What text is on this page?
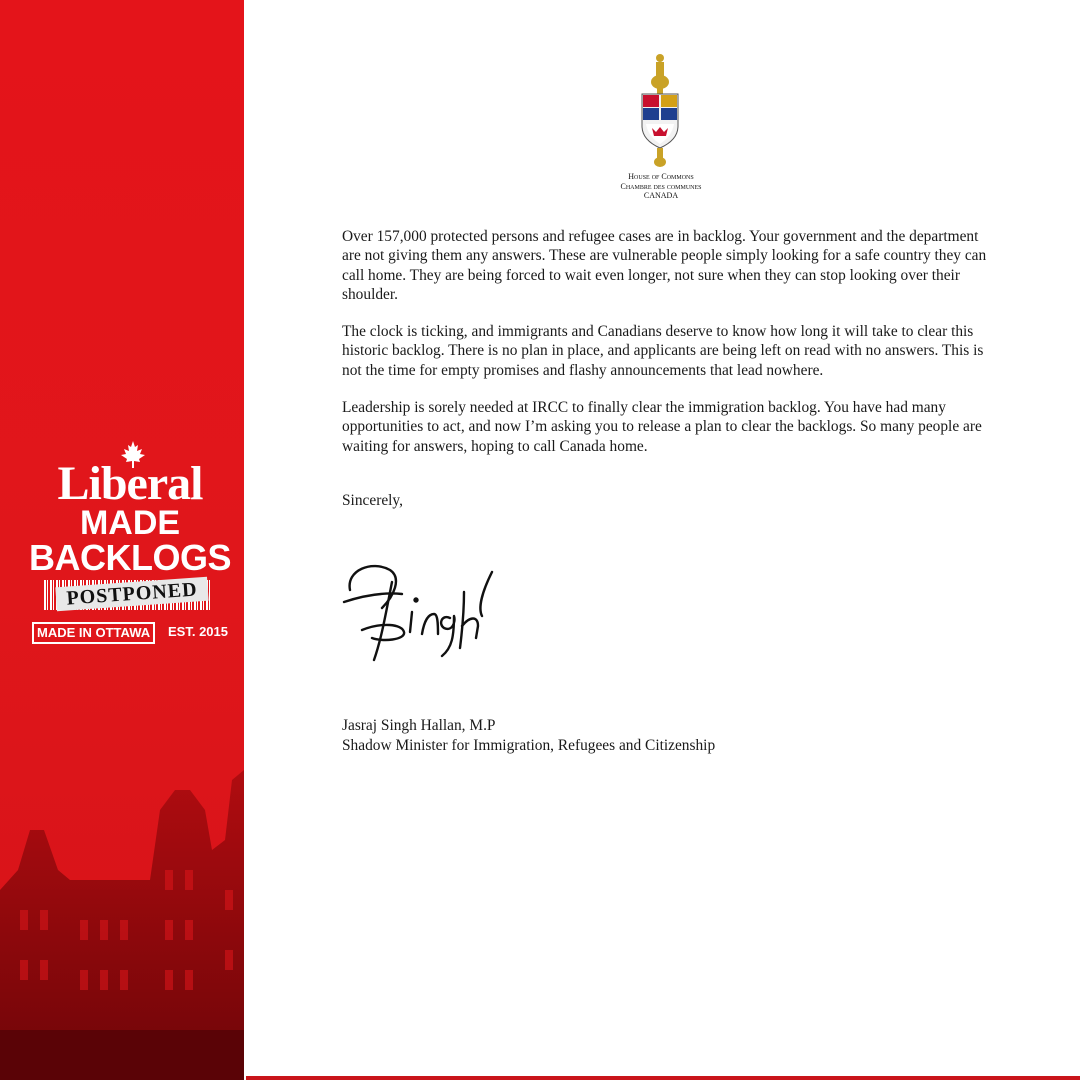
Liberal
MADE
BACKLOGS
POSTPONED
MADE IN OTTAWA	EST. 2015
House of Commons
Chambre des communes
CANADA

Over 157,000 protected persons and refugee cases are in backlog. Your government and the department are not giving them any answers. These are vulnerable people simply looking for a safe country they can call home. They are being forced to wait even longer, not sure when they can stop looking over their shoulder.

The clock is ticking, and immigrants and Canadians deserve to know how long it will take to clear this historic backlog. There is no plan in place, and applicants are being left on read with no answers. This is not the time for empty promises and flashy announcements that lead nowhere.

Leadership is sorely needed at IRCC to finally clear the immigration backlog. You have had many opportunities to act, and now I’m asking you to release a plan to clear the backlogs. So many people are waiting for answers, hoping to call Canada home.

Sincerely,
Jasraj Singh Hallan, M.P
Shadow Minister for Immigration, Refugees and Citizenship
